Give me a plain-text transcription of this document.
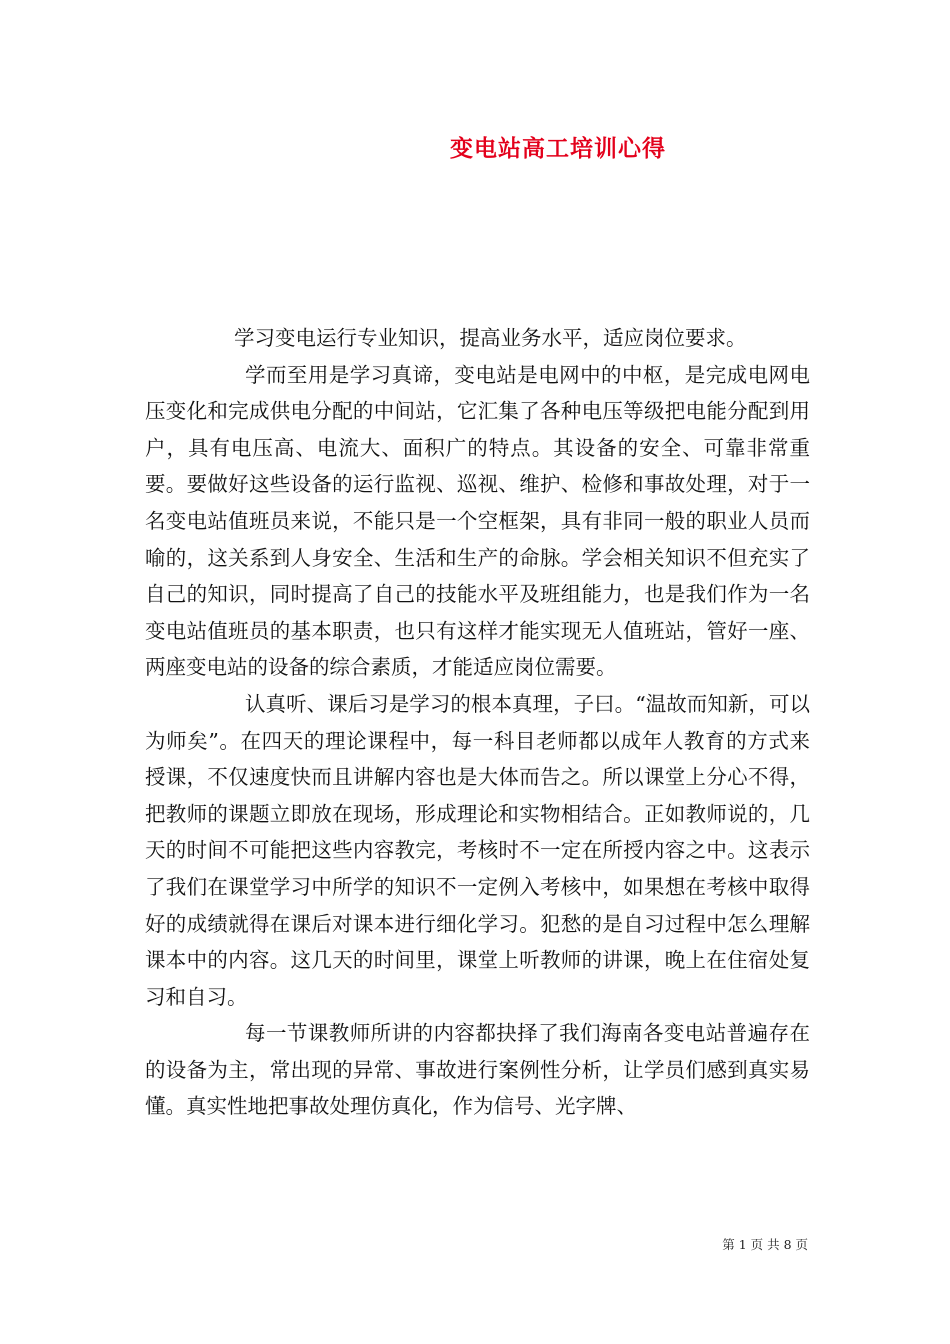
变电站高工培训心得

学习变电运行专业知识，提高业务水平，适应岗位要求。

学而至用是学习真谛，变电站是电网中的中枢，是完成电网电压变化和完成供电分配的中间站，它汇集了各种电压等级把电能分配到用户，具有电压高、电流大、面积广的特点。其设备的安全、可靠非常重要。要做好这些设备的运行监视、巡视、维护、检修和事故处理，对于一名变电站值班员来说，不能只是一个空框架，具有非同一般的职业人员而喻的，这关系到人身安全、生活和生产的命脉。学会相关知识不但充实了自己的知识，同时提高了自己的技能水平及班组能力，也是我们作为一名变电站值班员的基本职责，也只有这样才能实现无人值班站，管好一座、两座变电站的设备的综合素质，才能适应岗位需要。

认真听、课后习是学习的根本真理，子曰。“温故而知新，可以为师矣”。在四天的理论课程中，每一科目老师都以成年人教育的方式来授课，不仅速度快而且讲解内容也是大体而告之。所以课堂上分心不得，把教师的课题立即放在现场，形成理论和实物相结合。正如教师说的，几天的时间不可能把这些内容教完，考核时不一定在所授内容之中。这表示了我们在课堂学习中所学的知识不一定例入考核中，如果想在考核中取得好的成绩就得在课后对课本进行细化学习。犯愁的是自习过程中怎么理解课本中的内容。这几天的时间里，课堂上听教师的讲课，晚上在住宿处复习和自习。

每一节课教师所讲的内容都抉择了我们海南各变电站普遍存在的设备为主，常出现的异常、事故进行案例性分析，让学员们感到真实易懂。真实性地把事故处理仿真化，作为信号、光字牌、

第 1 页 共 8 页
